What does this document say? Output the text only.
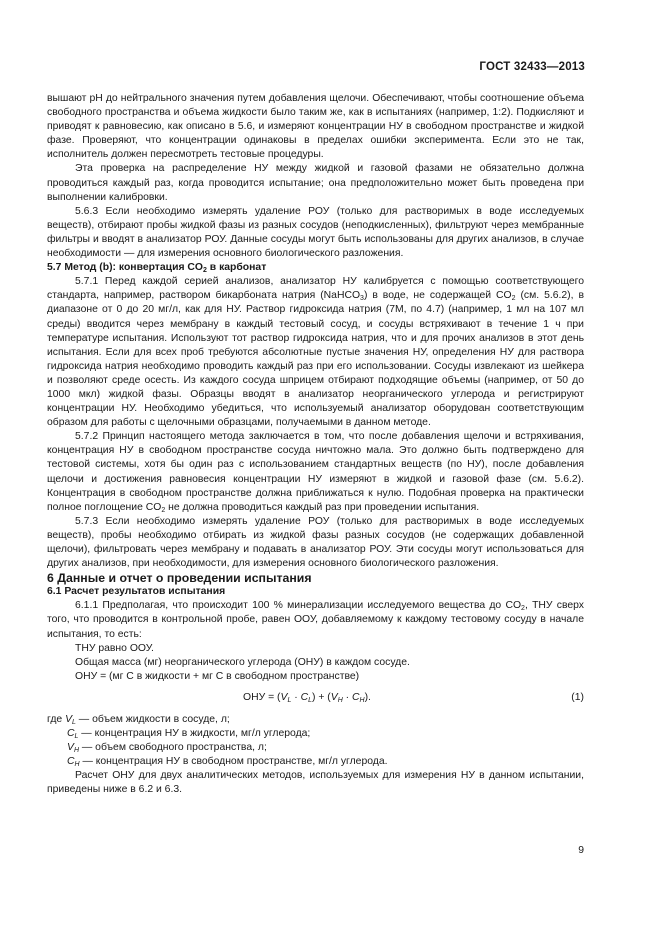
ГОСТ 32433—2013

вышают pH до нейтрального значения путем добавления щелочи. Обеспечивают, чтобы соотношение объема свободного пространства и объема жидкости было таким же, как в испытаниях (например, 1:2). Подкисляют и приводят к равновесию, как описано в 5.6, и измеряют концентрации НУ в свободном пространстве и жидкой фазе. Проверяют, что концентрации одинаковы в пределах ошибки эксперимента. Если это не так, исполнитель должен пересмотреть тестовые процедуры.

Эта проверка на распределение НУ между жидкой и газовой фазами не обязательно должна проводиться каждый раз, когда проводится испытание; она предположительно может быть проведена при выполнении калибровки.

5.6.3 Если необходимо измерять удаление РОУ (только для растворимых в воде исследуемых веществ), отбирают пробы жидкой фазы из разных сосудов (неподкисленных), фильтруют через мембранные фильтры и вводят в анализатор РОУ. Данные сосуды могут быть использованы для других анализов, в случае необходимости — для измерения основного биологического разложения.

5.7 Метод (b): конвертация $CO_2$ в карбонат

5.7.1 Перед каждой серией анализов, анализатор НУ калибруется с помощью соответствующего стандарта, например, раствором бикарбоната натрия (NaHCO$_3$) в воде, не содержащей $CO_2$ (см. 5.6.2), в диапазоне от 0 до 20 мг/л, как для НУ. Раствор гидроксида натрия (7М, по 4.7) (например, 1 мл на 107 мл среды) вводится через мембрану в каждый тестовый сосуд, и сосуды встряхивают в течение 1 ч при температуре испытания. Используют тот раствор гидроксида натрия, что и для прочих анализов в этот день испытания. Если для всех проб требуются абсолютные пустые значения НУ, определения НУ для раствора гидроксида натрия необходимо проводить каждый раз при его использовании. Сосуды извлекают из шейкера и позволяют среде осесть. Из каждого сосуда шприцем отбирают подходящие объемы (например, от 50 до 1000 мкл) жидкой фазы. Образцы вводят в анализатор неорганического углерода и регистрируют концентрации НУ. Необходимо убедиться, что используемый анализатор оборудован соответствующим образом для работы с щелочными образцами, получаемыми в данном методе.

5.7.2 Принцип настоящего метода заключается в том, что после добавления щелочи и встряхивания, концентрация НУ в свободном пространстве сосуда ничтожно мала. Это должно быть подтверждено для тестовой системы, хотя бы один раз с использованием стандартных веществ (по НУ), после добавления щелочи и достижения равновесия концентрации НУ измеряют в жидкой и газовой фазе (см. 5.6.2). Концентрация в свободном пространстве должна приближаться к нулю. Подобная проверка на практически полное поглощение $CO_2$ не должна проводиться каждый раз при проведении испытания.

5.7.3 Если необходимо измерять удаление РОУ (только для растворимых в воде исследуемых веществ), пробы необходимо отбирать из жидкой фазы разных сосудов (не содержащих добавленной щелочи), фильтровать через мембрану и подавать в анализатор РОУ. Эти сосуды могут использоваться для других анализов, при необходимости, для измерения основного биологического разложения.

6 Данные и отчет о проведении испытания

6.1 Расчет результатов испытания

6.1.1 Предполагая, что происходит 100 % минерализации исследуемого вещества до $CO_2$, ТНУ сверх того, что проводится в контрольной пробе, равен ООУ, добавляемому к каждому тестовому сосуду в начале испытания, то есть:

ТНУ равно ООУ.

Общая масса (мг) неорганического углерода (ОНУ) в каждом сосуде.

ОНУ = (мг C в жидкости + мг C в свободном пространстве)

ОНУ = $(V_L \cdot C_L) + (V_H \cdot C_H)$.	(1)

где $V_L$ — объем жидкости в сосуде, л;

$C_L$ — концентрация НУ в жидкости, мг/л углерода;

$V_H$ — объем свободного пространства, л;

$C_H$ — концентрация НУ в свободном пространстве, мг/л углерода.

Расчет ОНУ для двух аналитических методов, используемых для измерения НУ в данном испытании, приведены ниже в 6.2 и 6.3.

9
